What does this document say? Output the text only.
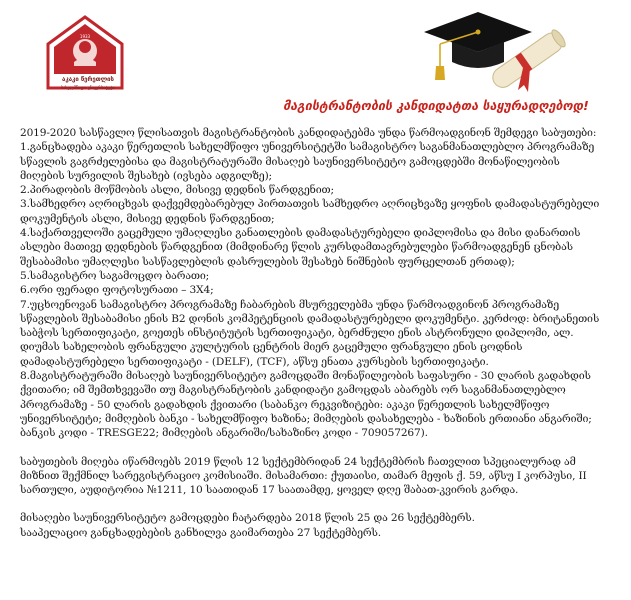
1933
აკაკი წერეთლის
სახელმწიფო უნივერსიტეტი
მაგისტრანტობის კანდიდატთა საყურადღებოდ!

2019-2020 სასწავლო წლისათვის მაგისტრანტობის კანდიდატებმა უნდა წარმოადგინონ შემდეგი საბუთები:

1.განცხადება აკაკი წერეთლის სახელმწიფო უნივერსიტეტში სამაგისტრო საგანმანათლებლო პროგრამაზე

სწავლის გაგრძელებისა და მაგისტრატურაში მისაღებ საუნივერსიტეტო გამოცდებში მონაწილეობის

მიღების სურვილის შესახებ (ივსება ადგილზე);

2.პირადობის მოწმობის ასლი, მისივე დედნის წარდგენით;

3.სამხედრო აღრიცხვას დაქვემდებარებულ პირთათვის სამხედრო აღრიცხვაზე ყოფნის დამადასტურებელი

დოკუმენტის ასლი, მისივე დედნის წარდგენით;

4.საქართველოში გაცემული უმაღლესი განათლების დამადასტურებელი დიპლომისა და მისი დანართის

ასლები მათივე დედნების წარდგენით (მიმდინარე წლის კურსდამთავრებულები წარმოადგენენ ცნობას

შესაბამისი უმაღლესი სასწავლებლის დასრულების შესახებ ნიშნების ფურცელთან ერთად);

5.სამაგისტრო საგამოცდო ბარათი;

6.ორი ფერადი ფოტოსურათი – 3X4;

7.უცხოენოვან სამაგისტრო პროგრამაზე ჩაბარების მსურველებმა უნდა წარმოადგინონ პროგრამაზე

სწავლების შესაბამისი ენის B2 დონის კომპეტენციის დამადასტურებელი დოკუმენტი. კერძოდ: ბრიტანეთის

საბჭოს სერთიფიკატი, გოეთეს ინსტიტუტის სერთიფიკატი, ბერძნული ენის ასტრონული დიპლომი, ალ.

დიუმას სახელობის ფრანგული კულტურის ცენტრის მიერ გაცემული ფრანგული ენის ცოდნის

დამადასტურებელი სერთიფიკატი - (DELF), (TCF), აწსუ ენათა კურსების სერთიფიკატი.

8.მაგისტრატურაში მისაღებ საუნივერსიტეტო გამოცდაში მონაწილეობის საფასური - 30 ლარის გადახდის

ქვითარი; იმ შემთხვევაში თუ მაგისტრანტობის კანდიდატი გამოცდას აბარებს ორ საგანმანათლებლო

პროგრამაზე - 50 ლარის გადახდის ქვითარი (საბანკო რეკვიზიტები: აკაკი წერეთლის სახელმწიფო

უნივერსიტეტი; მიმღების ბანკი - სახელმწიფო ხაზინა; მიმღების დასახელება - ხაზინის ერთიანი ანგარიში;

ბანკის კოდი - TRESGE22; მიმღების ანგარიში/სახაზინო კოდი - 709057267).

საბუთების მიღება იწარმოებს 2019 წლის 12 სექტემბრიდან 24 სექტემბრის ჩათვლით სპეციალურად ამ

მიზნით შექმნილ სარეგისტრაციო კომისიაში. მისამართი: ქუთაისი, თამარ მეფის ქ. 59, აწსუ I კორპუსი, II

სართული, აუდიტორია №1211, 10 საათიდან 17 საათამდე, ყოველ დღე შაბათ-კვირის გარდა.

მისაღები საუნივერსიტეტო გამოცდები ჩატარდება 2018 წლის 25 და 26 სექტემბერს.

სააპელაციო განცხადებების განხილვა გაიმართება 27 სექტემბერს.
